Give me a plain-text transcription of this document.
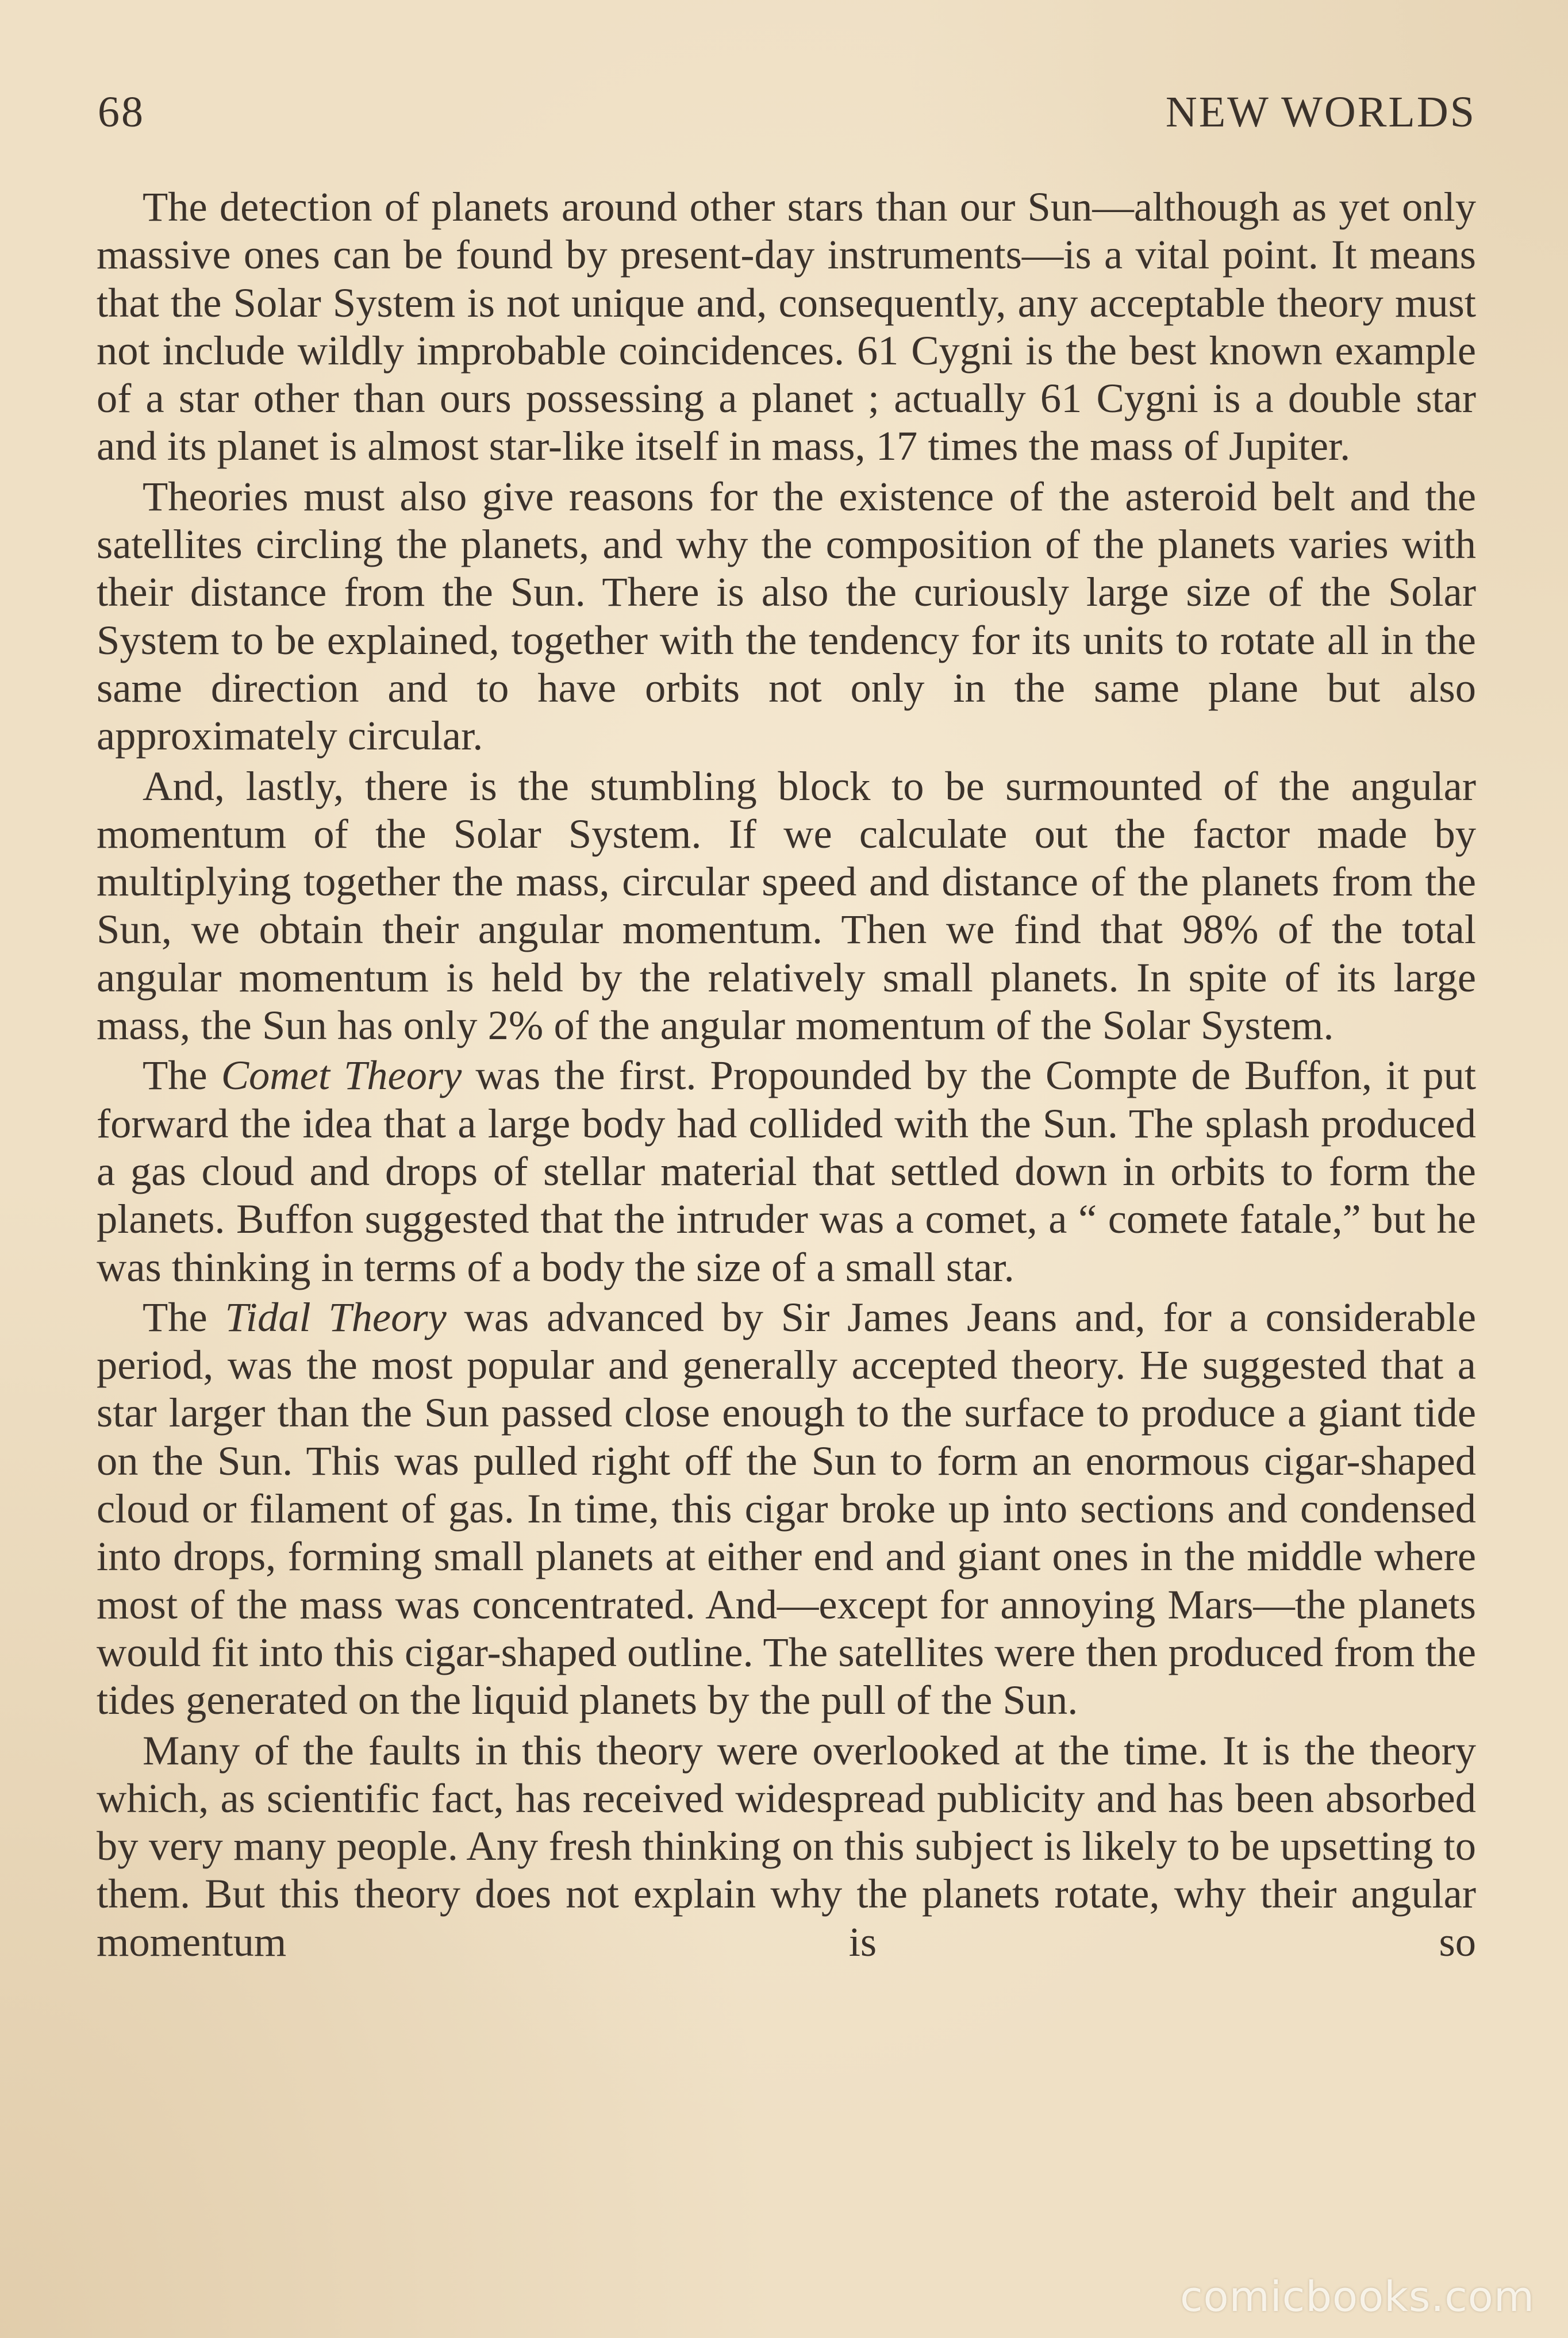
68	NEW WORLDS

The detection of planets around other stars than our Sun—although as yet only massive ones can be found by present-day instruments—is a vital point. It means that the Solar System is not unique and, consequently, any acceptable theory must not include wildly improbable coincidences. 61 Cygni is the best known example of a star other than ours possessing a planet ; actually 61 Cygni is a double star and its planet is almost star-like itself in mass, 17 times the mass of Jupiter.

Theories must also give reasons for the existence of the asteroid belt and the satellites circling the planets, and why the composition of the planets varies with their distance from the Sun. There is also the curiously large size of the Solar System to be explained, together with the tendency for its units to rotate all in the same direction and to have orbits not only in the same plane but also approximately circular.

And, lastly, there is the stumbling block to be surmounted of the angular momentum of the Solar System. If we calculate out the factor made by multiplying together the mass, circular speed and distance of the planets from the Sun, we obtain their angular momentum. Then we find that 98% of the total angular momentum is held by the relatively small planets. In spite of its large mass, the Sun has only 2% of the angular momentum of the Solar System.

The Comet Theory was the first. Propounded by the Compte de Buffon, it put forward the idea that a large body had collided with the Sun. The splash produced a gas cloud and drops of stellar material that settled down in orbits to form the planets. Buffon suggested that the intruder was a comet, a “ comete fatale,” but he was thinking in terms of a body the size of a small star.

The Tidal Theory was advanced by Sir James Jeans and, for a considerable period, was the most popular and generally accepted theory. He suggested that a star larger than the Sun passed close enough to the surface to produce a giant tide on the Sun. This was pulled right off the Sun to form an enormous cigar-shaped cloud or filament of gas. In time, this cigar broke up into sections and condensed into drops, forming small planets at either end and giant ones in the middle where most of the mass was concentrated. And—except for annoying Mars—the planets would fit into this cigar-shaped outline. The satellites were then produced from the tides generated on the liquid planets by the pull of the Sun.

Many of the faults in this theory were overlooked at the time. It is the theory which, as scientific fact, has received widespread publicity and has been absorbed by very many people. Any fresh thinking on this subject is likely to be upsetting to them. But this theory does not explain why the planets rotate, why their angular momentum is so

comicbooks.com
